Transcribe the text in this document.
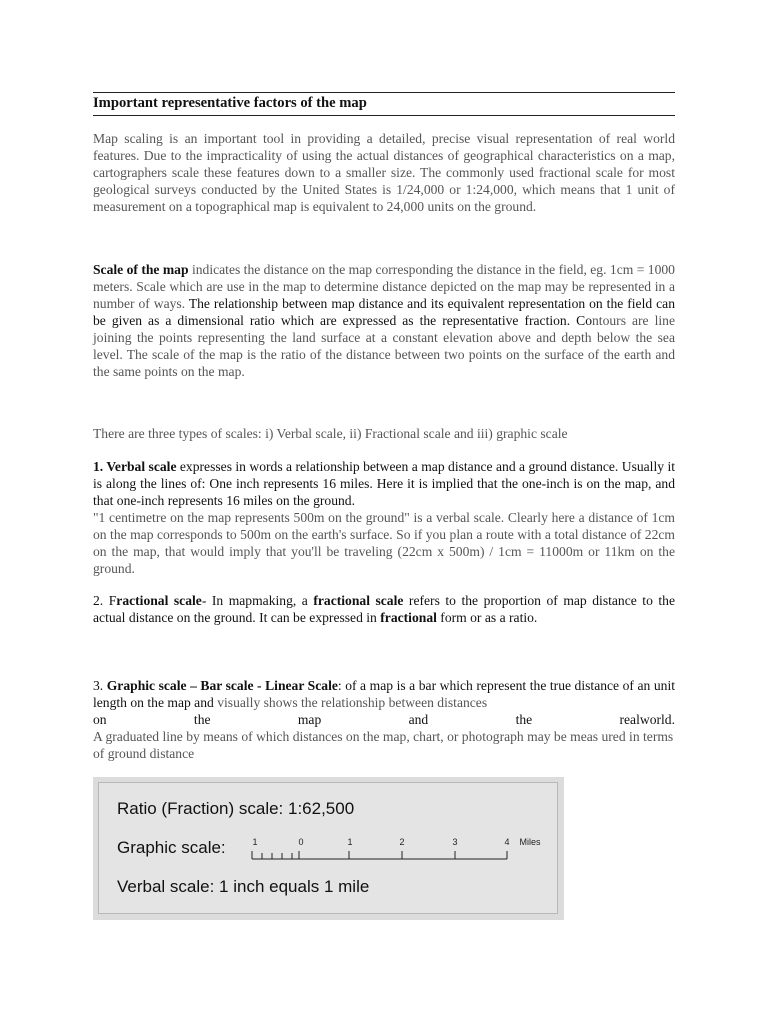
Important representative factors of the map

Map scaling is an important tool in providing a detailed, precise visual representation of real world features. Due to the impracticality of using the actual distances of geographical characteristics on a map, cartographers scale these features down to a smaller size. The commonly used fractional scale for most geological surveys conducted by the United States is 1/24,000 or 1:24,000, which means that 1 unit of measurement on a topographical map is equivalent to 24,000 units on the ground.

Scale of the map indicates the distance on the map corresponding the distance in the field, eg. 1cm = 1000 meters. Scale which are use in the map to determine distance depicted on the map may be represented in a number of ways. The relationship between map distance and its equivalent representation on the field can be given as a dimensional ratio which are expressed as the representative fraction. Contours are line joining the points representing the land surface at a constant elevation above and depth below the sea level. The scale of the map is the ratio of the distance between two points on the surface of the earth and the same points on the map.

There are three types of scales: i) Verbal scale, ii) Fractional scale and iii) graphic scale

1. Verbal scale expresses in words a relationship between a map distance and a ground distance. Usually it is along the lines of: One inch represents 16 miles. Here it is implied that the one-inch is on the map, and that one-inch represents 16 miles on the ground.
"1 centimetre on the map represents 500m on the ground" is a verbal scale. Clearly here a distance of 1cm on the map corresponds to 500m on the earth's surface. So if you plan a route with a total distance of 22cm on the map, that would imply that you'll be traveling (22cm x 500m) / 1cm = 11000m or 11km on the ground.
2. Fractional scale- In mapmaking, a fractional scale refers to the proportion of map distance to the actual distance on the ground. It can be expressed in fractional form or as a ratio.
3. Graphic scale – Bar scale - Linear Scale: of a map is a bar which represent the true distance of an unit length on the map and visually shows the relationship between distances
on	the	map	and	the	realworld.
A graduated line by means of which distances on the map, chart, or photograph may be meas ured in terms of ground distance
Ratio (Fraction) scale: 1:62,500
Graphic scale:	1	0	1	2	3	4 Miles
Verbal scale: 1 inch equals 1 mile
